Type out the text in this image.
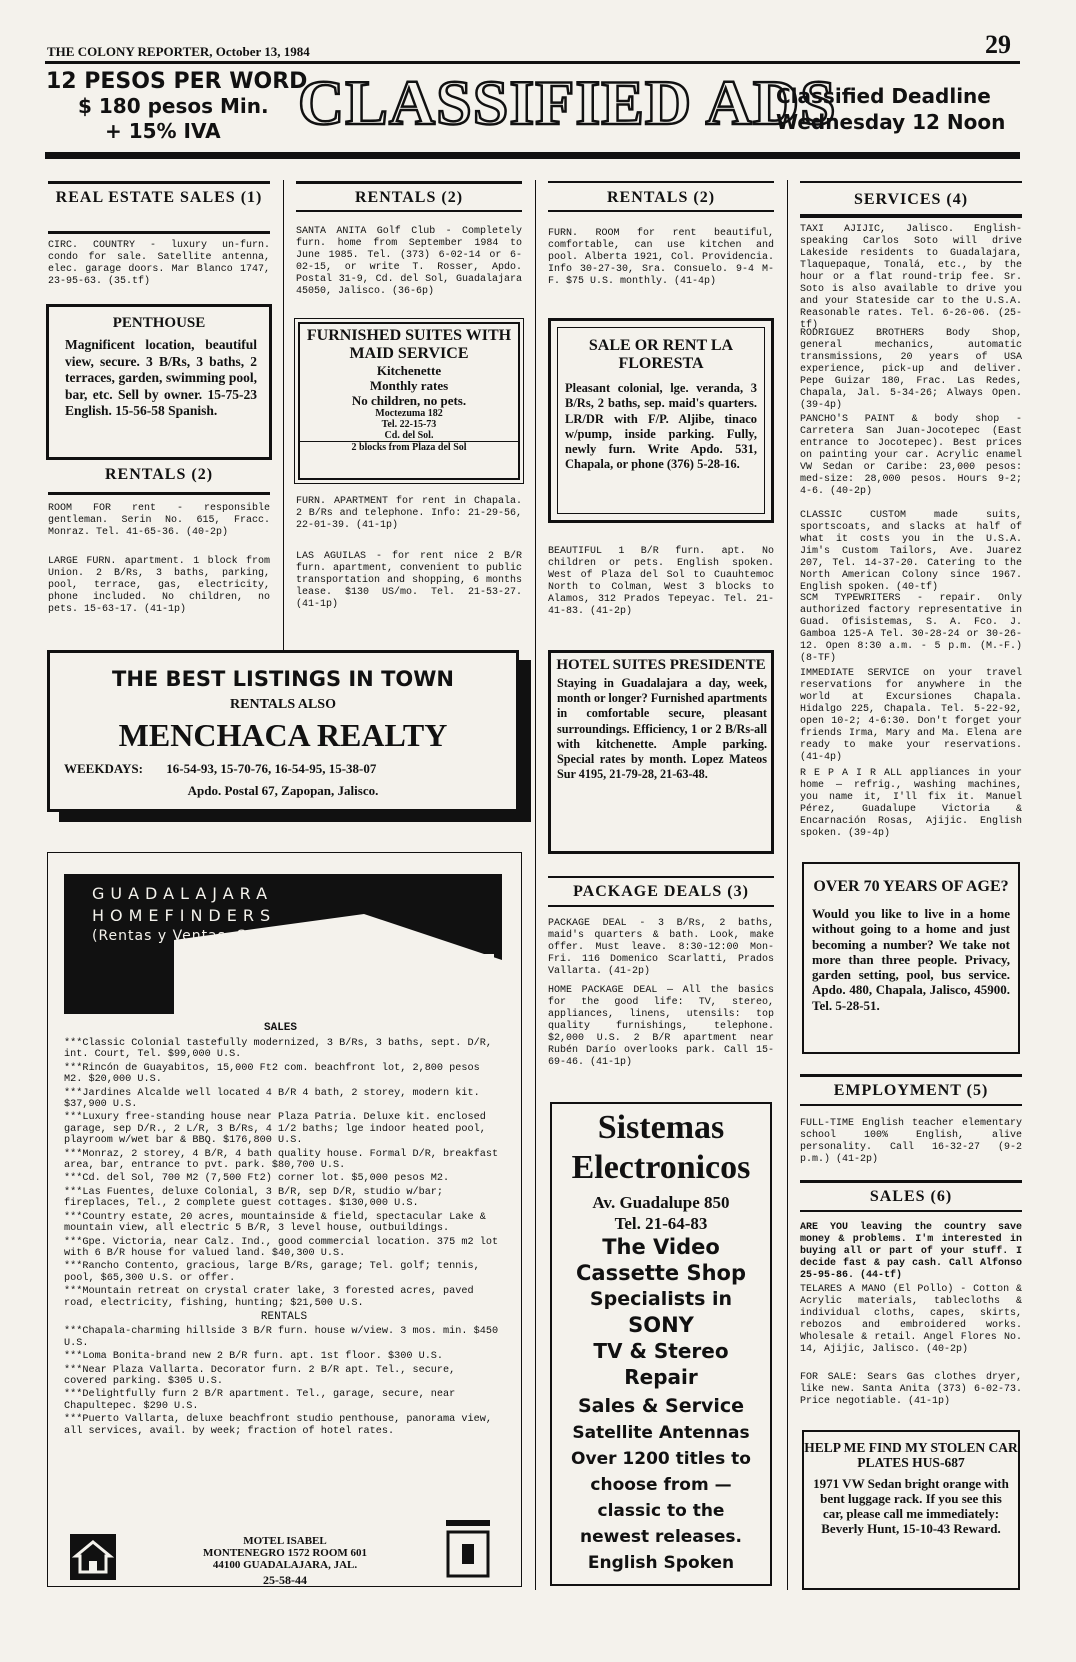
THE COLONY REPORTER, October 13, 1984	29
12 PESOS PER WORD
$ 180 pesos Min.
+ 15% IVA CLASSIFIED ADS
Classified Deadline
Wednesday 12 Noon
REAL ESTATE SALES (1)
CIRC. COUNTRY - luxury un-furn. condo for sale. Satellite antenna, elec. garage doors. Mar Blanco 1747, 23-95-63. (35.tf)
PENTHOUSE
Magnificent location, beautiful view, secure. 3 B/Rs, 3 baths, 2 terraces, garden, swimming pool, bar, etc. Sell by owner. 15-75-23 English. 15-56-58 Spanish.
RENTALS (2)
ROOM FOR rent - responsible gentleman. Serin No. 615, Fracc. Monraz. Tel. 41-65-36. (40-2p)
LARGE FURN. apartment. 1 block from Union. 2 B/Rs, 3 baths, parking, pool, terrace, gas, electricity, phone included. No children, no pets. 15-63-17. (41-1p)
RENTALS (2)
SANTA ANITA Golf Club - Completely furn. home from September 1984 to June 1985. Tel. (373) 6-02-14 or 6-02-15, or write T. Rosser, Apdo. Postal 31-9, Cd. del Sol, Guadalajara 45050, Jalisco. (36-6p)
FURNISHED SUITES WITH MAID SERVICE
Kitchenette
Monthly rates
No children, no pets.
Moctezuma 182
Tel. 22-15-73
Cd. del Sol.
2 blocks from Plaza del Sol
FURN. APARTMENT for rent in Chapala. 2 B/Rs and telephone. Info: 21-29-56, 22-01-39. (41-1p)
LAS AGUILAS - for rent nice 2 B/R furn. apartment, convenient to public transportation and shopping, 6 months lease. $130 US/mo. Tel. 21-53-27. (41-1p)
THE BEST LISTINGS IN TOWN
RENTALS ALSO
MENCHACA REALTY
WEEKDAYS: 16-54-93, 15-70-76, 16-54-95, 15-38-07
Apdo. Postal 67, Zapopan, Jalisco.
GUADALAJARA
HOMEFINDERS
(Rentas y Ventas, S.A.)
SALES

***Classic Colonial tastefully modernized, 3 B/Rs, 3 baths, sept. D/R, int. Court, Tel. $99,000 U.S.

***Rincón de Guayabitos, 15,000 Ft2 com. beachfront lot, 2,800 pesos M2. $20,000 U.S.

***Jardines Alcalde well located 4 B/R 4 bath, 2 storey, modern kit. $37,900 U.S.

***Luxury free-standing house near Plaza Patria. Deluxe kit. enclosed garage, sep D/R., 2 L/R, 3 B/Rs, 4 1/2 baths; lge indoor heated pool, playroom w/wet bar & BBQ. $176,800 U.S.

***Monraz, 2 storey, 4 B/R, 4 bath quality house. Formal D/R, breakfast area, bar, entrance to pvt. park. $80,700 U.S.

***Cd. del Sol, 700 M2 (7,500 Ft2) corner lot. $5,000 pesos M2.

***Las Fuentes, deluxe Colonial, 3 B/R, sep D/R, studio w/bar; fireplaces, Tel., 2 complete guest cottages. $130,000 U.S.

***Country estate, 20 acres, mountainside & field, spectacular Lake & mountain view, all electric 5 B/R, 3 level house, outbuildings.

***Gpe. Victoria, near Calz. Ind., good commercial location. 375 m2 lot with 6 B/R house for valued land. $40,300 U.S.

***Rancho Contento, gracious, large B/Rs, garage; Tel. golf; tennis, pool, $65,300 U.S. or offer.

***Mountain retreat on crystal crater lake, 3 forested acres, paved road, electricity, fishing, hunting; $21,500 U.S.

RENTALS

***Chapala-charming hillside 3 B/R furn. house w/view. 3 mos. min. $450 U.S.

***Loma Bonita-brand new 2 B/R furn. apt. 1st floor. $300 U.S.

***Near Plaza Vallarta. Decorator furn. 2 B/R apt. Tel., secure, covered parking. $305 U.S.

***Delightfully furn 2 B/R apartment. Tel., garage, secure, near Chapultepec. $290 U.S.

***Puerto Vallarta, deluxe beachfront studio penthouse, panorama view, all services, avail. by week; fraction of hotel rates.

MOTEL ISABEL
MONTENEGRO 1572 ROOM 601
44100 GUADALAJARA, JAL.
25-58-44
RENTALS (2)
FURN. ROOM for rent beautiful, comfortable, can use kitchen and pool. Alberta 1921, Col. Providencia. Info 30-27-30, Sra. Consuelo. 9-4 M-F. $75 U.S. monthly. (41-4p)
SALE OR RENT LA FLORESTA
Pleasant colonial, lge. veranda, 3 B/Rs, 2 baths, sep. maid's quarters. LR/DR with F/P. Aljibe, tinaco w/pump, inside parking. Fully, newly furn. Write Apdo. 531, Chapala, or phone (376) 5-28-16.
BEAUTIFUL 1 B/R furn. apt. No children or pets. English spoken. West of Plaza del Sol to Cuauhtemoc North to Colman, West 3 blocks to Alamos, 312 Prados Tepeyac. Tel. 21-41-83. (41-2p)
HOTEL SUITES PRESIDENTE
Staying in Guadalajara a day, week, month or longer? Furnished apartments in comfortable secure, pleasant surroundings. Efficiency, 1 or 2 B/Rs-all with kitchenette. Ample parking. Special rates by month. Lopez Mateos Sur 4195, 21-79-28, 21-63-48.
PACKAGE DEALS (3)
PACKAGE DEAL - 3 B/Rs, 2 baths, maid's quarters & bath. Look, make offer. Must leave. 8:30-12:00 Mon-Fri. 116 Domenico Scarlatti, Prados Vallarta. (41-2p)
HOME PACKAGE DEAL — All the basics for the good life: TV, stereo, appliances, linens, utensils: top quality furnishings, telephone. $2,000 U.S. 2 B/R apartment near Rubén Darío overlooks park. Call 15-69-46. (41-1p)
Sistemas
Electronicos
Av. Guadalupe 850
Tel. 21-64-83
The Video
Cassette Shop
Specialists in
SONY
TV & Stereo
Repair
Sales & Service
Satellite Antennas
Over 1200 titles to
choose from —
classic to the
newest releases.
English Spoken
SERVICES (4)
TAXI AJIJIC, Jalisco. English-speaking Carlos Soto will drive Lakeside residents to Guadalajara, Tlaquepaque, Tonalá, etc., by the hour or a flat round-trip fee. Sr. Soto is also available to drive you and your Stateside car to the U.S.A. Reasonable rates. Tel. 6-26-06. (25-tf)
RODRIGUEZ BROTHERS Body Shop, general mechanics, automatic transmissions, 20 years of USA experience, pick-up and deliver. Pepe Guizar 180, Frac. Las Redes, Chapala, Jal. 5-34-26; Always Open. (39-4p)
PANCHO'S PAINT & body shop - Carretera San Juan-Jocotepec (East entrance to Jocotepec). Best prices on painting your car. Acrylic enamel VW Sedan or Caribe: 23,000 pesos: med-size: 28,000 pesos. Hours 9-2; 4-6. (40-2p)
CLASSIC CUSTOM made suits, sportscoats, and slacks at half of what it costs you in the U.S.A. Jim's Custom Tailors, Ave. Juarez 207, Tel. 14-37-20. Catering to the North American Colony since 1967. English spoken. (40-tf)
SCM TYPEWRITERS - repair. Only authorized factory representative in Guad. Ofisistemas, S. A. Fco. J. Gamboa 125-A Tel. 30-28-24 or 30-26-12. Open 8:30 a.m. - 5 p.m. (M.-F.) (8-TF)
IMMEDIATE SERVICE on your travel reservations for anywhere in the world at Excursiones Chapala. Hidalgo 225, Chapala. Tel. 5-22-92, open 10-2; 4-6:30. Don't forget your friends Irma, Mary and Ma. Elena are ready to make your reservations. (41-4p)
R E P A I R ALL appliances in your home — refrig., washing machines, you name it, I'll fix it. Manuel Pérez, Guadalupe Victoria & Encarnación Rosas, Ajijic. English spoken. (39-4p)
OVER 70 YEARS OF AGE?
Would you like to live in a home without going to a home and just becoming a number? We take not more than three people. Privacy, garden setting, pool, bus service. Apdo. 480, Chapala, Jalisco, 45900. Tel. 5-28-51.
EMPLOYMENT (5)
FULL-TIME English teacher elementary school 100% English, alive personality. Call 16-32-27 (9-2 p.m.) (41-2p)
SALES (6)
ARE YOU leaving the country save money & problems. I'm interested in buying all or part of your stuff. I decide fast & pay cash. Call Alfonso 25-95-86. (44-tf)
TELARES A MANO (El Pollo) - Cotton & Acrylic materials, tablecloths & individual cloths, capes, skirts, rebozos and embroidered works. Wholesale & retail. Angel Flores No. 14, Ajijic, Jalisco. (40-2p)
FOR SALE: Sears Gas clothes dryer, like new. Santa Anita (373) 6-02-73. Price negotiable. (41-1p)
HELP ME FIND MY STOLEN CAR PLATES HUS-687
1971 VW Sedan bright orange with bent luggage rack. If you see this car, please call me immediately: Beverly Hunt, 15-10-43 Reward.
